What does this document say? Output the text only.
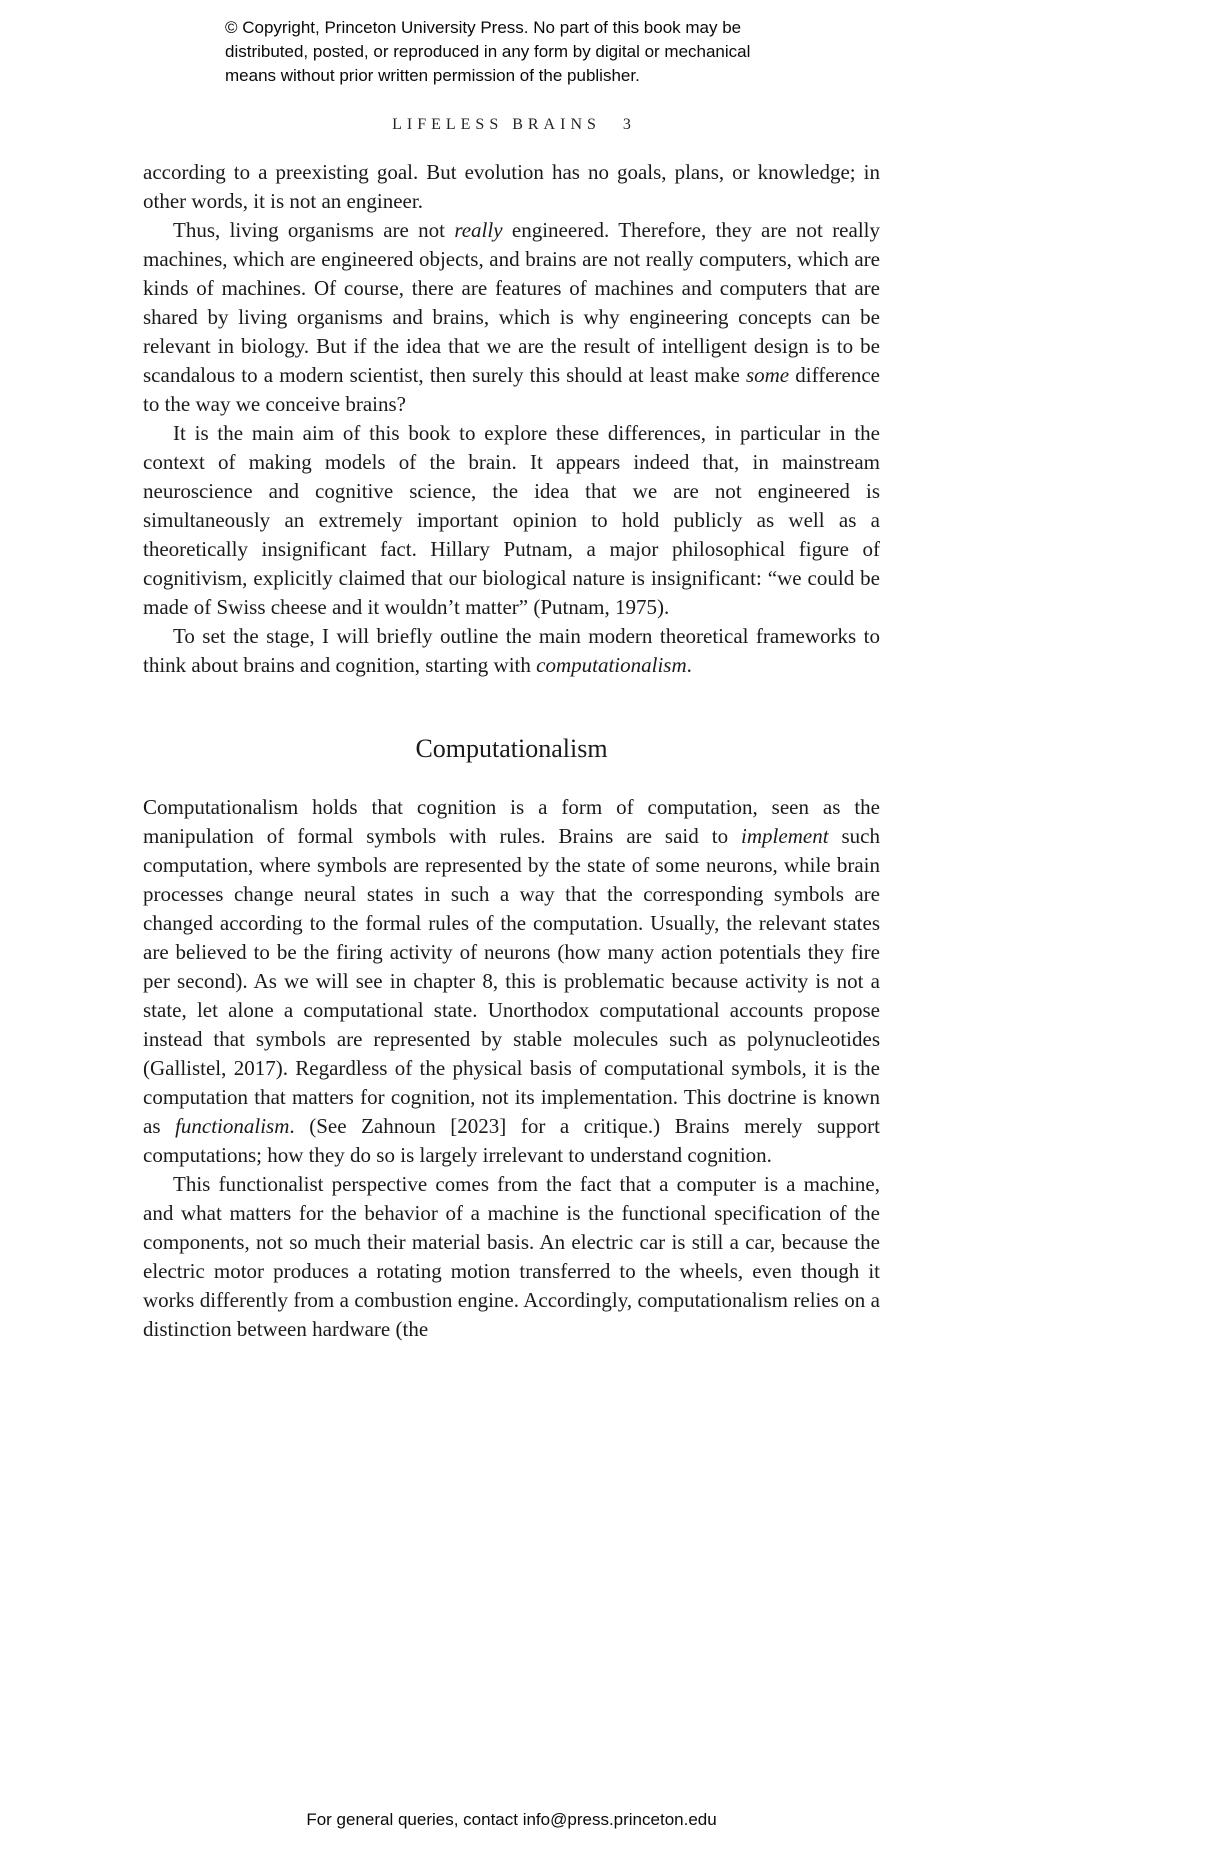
© Copyright, Princeton University Press. No part of this book may be
distributed, posted, or reproduced in any form by digital or mechanical
means without prior written permission of the publisher.
LIFELESS BRAINS 3

according to a preexisting goal. But evolution has no goals, plans, or knowledge; in other words, it is not an engineer.

Thus, living organisms are not really engineered. Therefore, they are not really machines, which are engineered objects, and brains are not really computers, which are kinds of machines. Of course, there are features of machines and computers that are shared by living organisms and brains, which is why engineering concepts can be relevant in biology. But if the idea that we are the result of intelligent design is to be scandalous to a modern scientist, then surely this should at least make some difference to the way we conceive brains?

It is the main aim of this book to explore these differences, in particular in the context of making models of the brain. It appears indeed that, in mainstream neuroscience and cognitive science, the idea that we are not engineered is simultaneously an extremely important opinion to hold publicly as well as a theoretically insignificant fact. Hillary Putnam, a major philosophical figure of cognitivism, explicitly claimed that our biological nature is insignificant: “we could be made of Swiss cheese and it wouldn’t matter” (Putnam, 1975).

To set the stage, I will briefly outline the main modern theoretical frameworks to think about brains and cognition, starting with computationalism.

Computationalism

Computationalism holds that cognition is a form of computation, seen as the manipulation of formal symbols with rules. Brains are said to implement such computation, where symbols are represented by the state of some neurons, while brain processes change neural states in such a way that the corresponding symbols are changed according to the formal rules of the computation. Usually, the relevant states are believed to be the firing activity of neurons (how many action potentials they fire per second). As we will see in chapter 8, this is problematic because activity is not a state, let alone a computational state. Unorthodox computational accounts propose instead that symbols are represented by stable molecules such as polynucleotides (Gallistel, 2017). Regardless of the physical basis of computational symbols, it is the computation that matters for cognition, not its implementation. This doctrine is known as functionalism. (See Zahnoun [2023] for a critique.) Brains merely support computations; how they do so is largely irrelevant to understand cognition.

This functionalist perspective comes from the fact that a computer is a machine, and what matters for the behavior of a machine is the functional specification of the components, not so much their material basis. An electric car is still a car, because the electric motor produces a rotating motion transferred to the wheels, even though it works differently from a combustion engine. Accordingly, computationalism relies on a distinction between hardware (the

For general queries, contact info@press.princeton.edu
